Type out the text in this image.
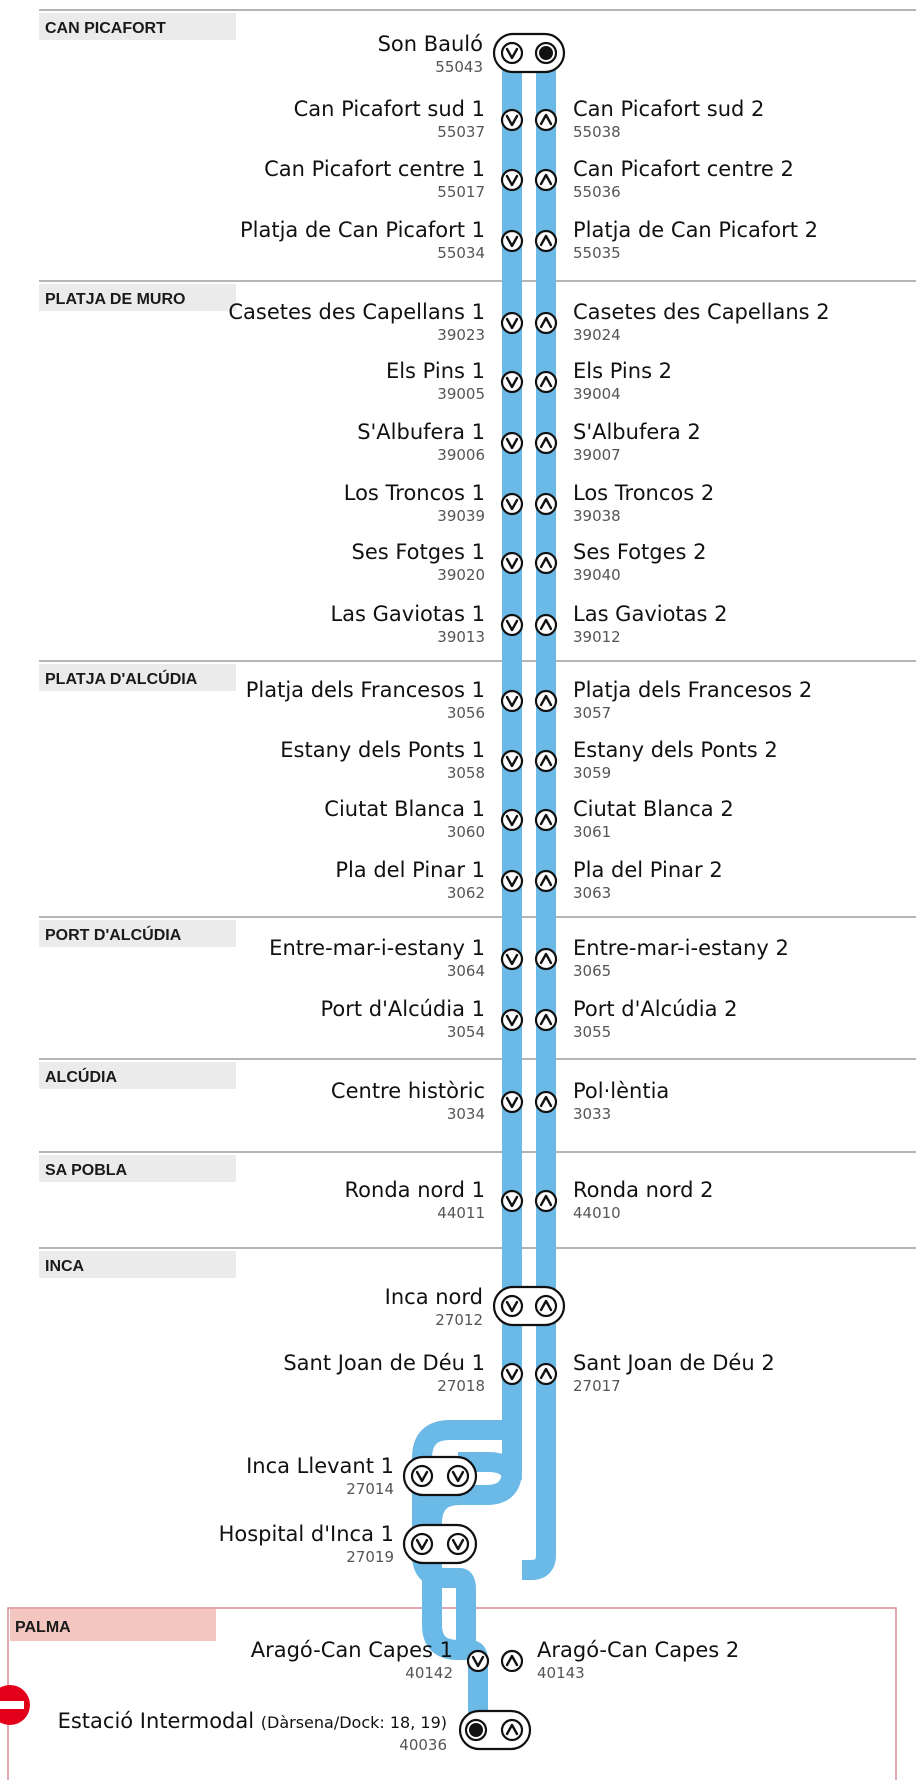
CAN PICAFORT
PLATJA DE MURO
PLATJA D'ALCÚDIA
PORT D'ALCÚDIA
ALCÚDIA
SA POBLA
INCA
PALMA
Son Bauló
55043
Can Picafort sud 1
55037
Can Picafort sud 2
55038
Can Picafort centre 1
55017
Can Picafort centre 2
55036
Platja de Can Picafort 1
55034
Platja de Can Picafort 2
55035
Casetes des Capellans 1
39023
Casetes des Capellans 2
39024
Els Pins 1
39005
Els Pins 2
39004
S'Albufera 1
39006
S'Albufera 2
39007
Los Troncos 1
39039
Los Troncos 2
39038
Ses Fotges 1
39020
Ses Fotges 2
39040
Las Gaviotas 1
39013
Las Gaviotas 2
39012
Platja dels Francesos 1
3056
Platja dels Francesos 2
3057
Estany dels Ponts 1
3058
Estany dels Ponts 2
3059
Ciutat Blanca 1
3060
Ciutat Blanca 2
3061
Pla del Pinar 1
3062
Pla del Pinar 2
3063
Entre-mar-i-estany 1
3064
Entre-mar-i-estany 2
3065
Port d'Alcúdia 1
3054
Port d'Alcúdia 2
3055
Centre històric
3034
Pol·lèntia
3033
Ronda nord 1
44011
Ronda nord 2
44010
Inca nord
27012
Sant Joan de Déu 1
27018
Sant Joan de Déu 2
27017
Inca Llevant 1
27014
Hospital d'Inca 1
27019
Aragó-Can Capes 1
40142
Aragó-Can Capes 2
40143
Estació Intermodal (Dàrsena/Dock: 18, 19)
40036
